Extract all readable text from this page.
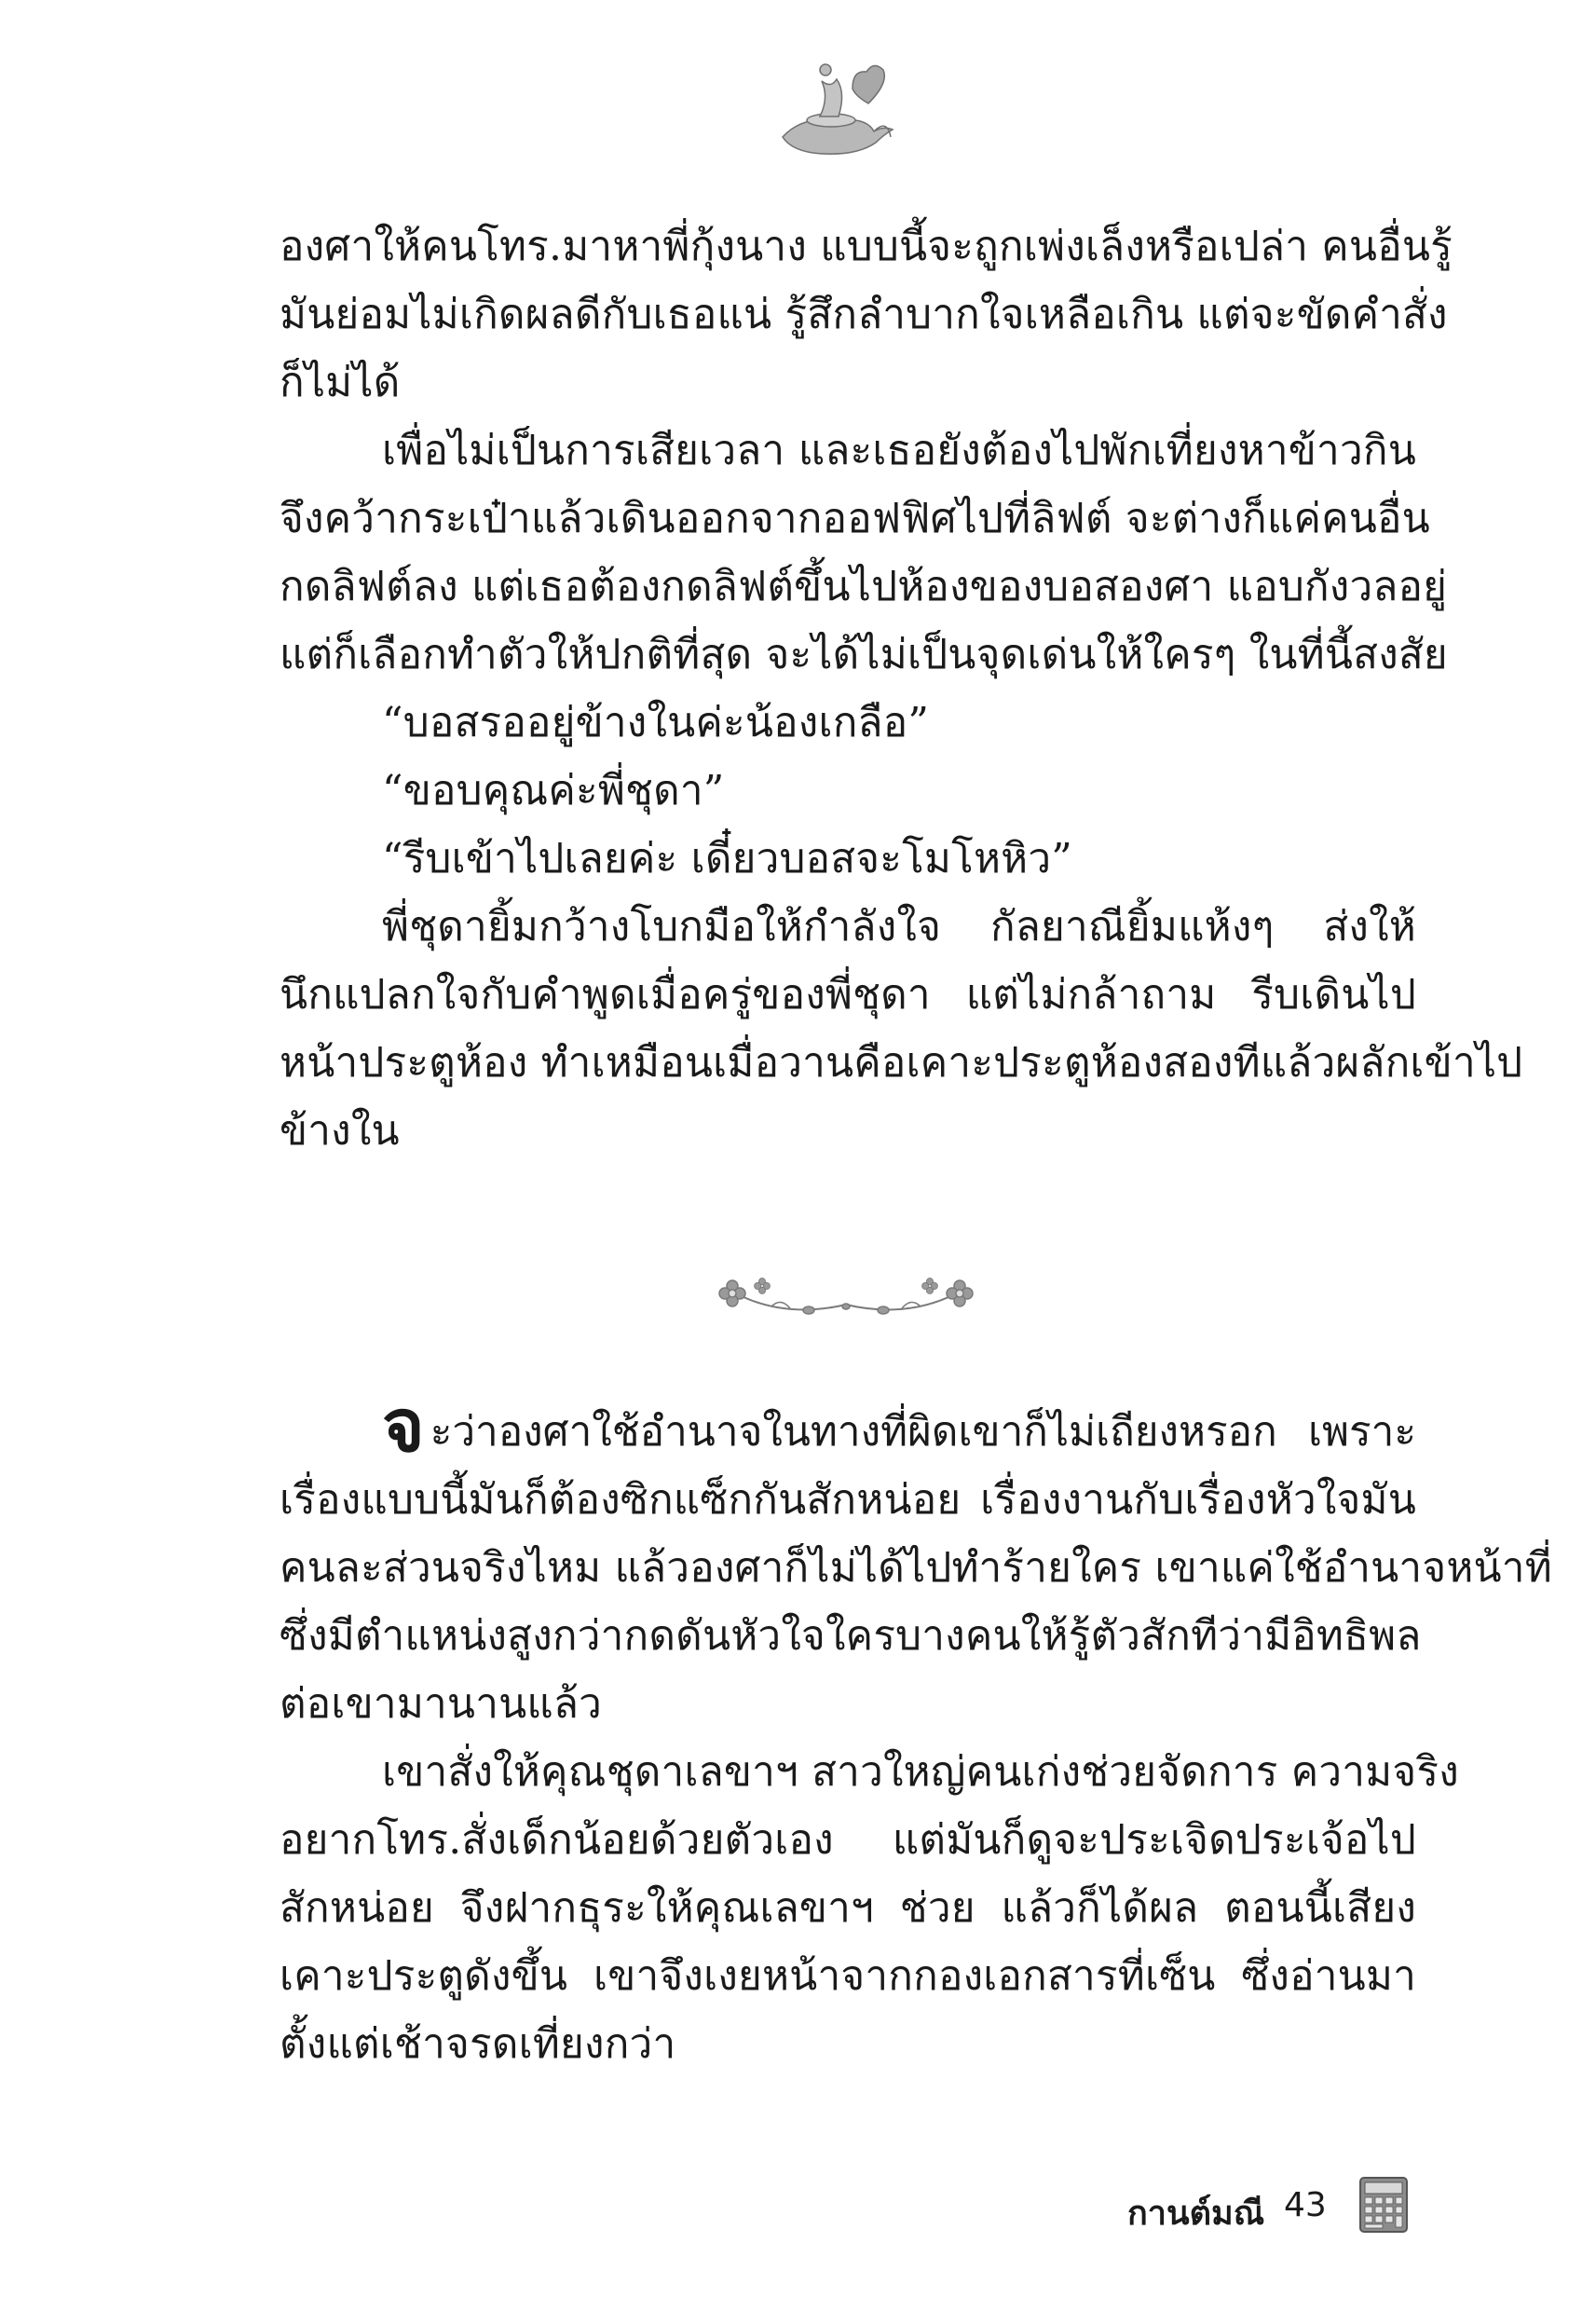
องศาให้คนโทร.มาหาพี่กุ้งนาง แบบนี้จะถูกเพ่งเล็งหรือเปล่า คนอื่นรู้
มันย่อมไม่เกิดผลดีกับเธอแน่ รู้สึกลำบากใจเหลือเกิน แต่จะขัดคำสั่ง
ก็ไม่ได้
เพื่อไม่เป็นการเสียเวลา และเธอยังต้องไปพักเที่ยงหาข้าวกิน
จึงคว้ากระเป๋าแล้วเดินออกจากออฟฟิศไปที่ลิฟต์ จะต่างก็แค่คนอื่น
กดลิฟต์ลง แต่เธอต้องกดลิฟต์ขึ้นไปห้องของบอสองศา แอบกังวลอยู่
แต่ก็เลือกทำตัวให้ปกติที่สุด จะได้ไม่เป็นจุดเด่นให้ใครๆ ในที่นี้สงสัย
“บอสรออยู่ข้างในค่ะน้องเกลือ”
“ขอบคุณค่ะพี่ชุดา”
“รีบเข้าไปเลยค่ะ เดี๋ยวบอสจะโมโหหิว”
พี่ชุดายิ้มกว้างโบกมือให้กำลังใจ กัลยาณียิ้มแห้งๆ ส่งให้
นึกแปลกใจกับคำพูดเมื่อครู่ของพี่ชุดา แต่ไม่กล้าถาม รีบเดินไป
หน้าประตูห้อง ทำเหมือนเมื่อวานคือเคาะประตูห้องสองทีแล้วผลักเข้าไป
ข้างใน
จะว่าองศาใช้อำนาจในทางที่ผิดเขาก็ไม่เถียงหรอก เพราะ
เรื่องแบบนี้มันก็ต้องซิกแซ็กกันสักหน่อย เรื่องงานกับเรื่องหัวใจมัน
คนละส่วนจริงไหม แล้วองศาก็ไม่ได้ไปทำร้ายใคร เขาแค่ใช้อำนาจหน้าที่
ซึ่งมีตำแหน่งสูงกว่ากดดันหัวใจใครบางคนให้รู้ตัวสักทีว่ามีอิทธิพล
ต่อเขามานานแล้ว
เขาสั่งให้คุณชุดาเลขาฯ สาวใหญ่คนเก่งช่วยจัดการ ความจริง
อยากโทร.สั่งเด็กน้อยด้วยตัวเอง แต่มันก็ดูจะประเจิดประเจ้อไป
สักหน่อย จึงฝากธุระให้คุณเลขาฯ ช่วย แล้วก็ได้ผล ตอนนี้เสียง
เคาะประตูดังขึ้น เขาจึงเงยหน้าจากกองเอกสารที่เซ็น ซึ่งอ่านมา
ตั้งแต่เช้าจรดเที่ยงกว่า
กานต์มณี 43
